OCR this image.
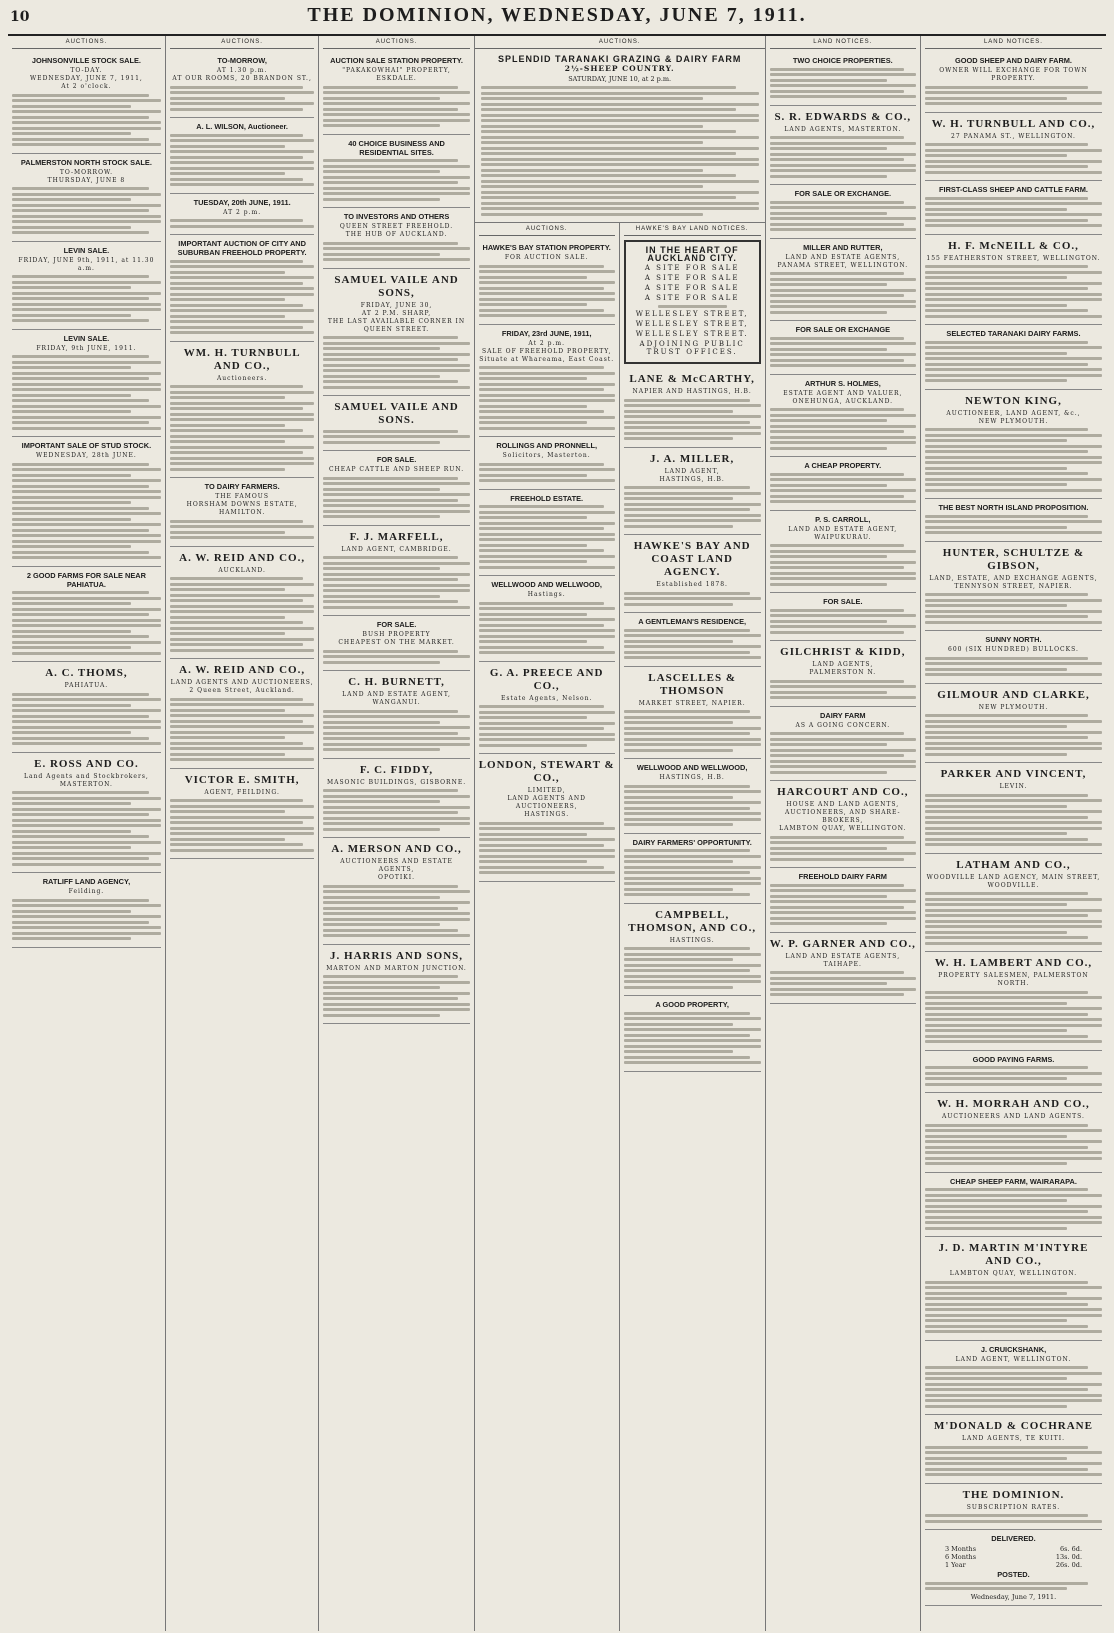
10	THE DOMINION, WEDNESDAY, JUNE 7, 1911.
AUCTIONS.
JOHNSONVILLE STOCK SALE.
TO-DAY.
WEDNESDAY, JUNE 7, 1911,
At 2 o'clock.
PALMERSTON NORTH STOCK SALE.
TO-MORROW.
THURSDAY, JUNE 8
LEVIN SALE.
FRIDAY, JUNE 9th, 1911, at 11.30 a.m.
LEVIN SALE.
FRIDAY, 9th JUNE, 1911.
IMPORTANT SALE OF STUD STOCK.
WEDNESDAY, 28th JUNE.
2 GOOD FARMS FOR SALE NEAR PAHIATUA.
A. C. THOMS,
PAHIATUA.
E. ROSS AND CO.
Land Agents and Stockbrokers,
MASTERTON.
RATLIFF LAND AGENCY,
Feilding.
AUCTIONS.
TO-MORROW,
AT 1.30 p.m.
AT OUR ROOMS, 20 BRANDON ST.,
A. L. WILSON, Auctioneer.
TUESDAY, 20th JUNE, 1911.
AT 2 p.m.
IMPORTANT AUCTION OF CITY AND SUBURBAN FREEHOLD PROPERTY.
WM. H. TURNBULL AND CO.,
Auctioneers.
TO DAIRY FARMERS.
THE FAMOUS
HORSHAM DOWNS ESTATE,
HAMILTON.
A. W. REID AND CO.,
AUCKLAND.
A. W. REID AND CO.,
LAND AGENTS AND AUCTIONEERS,
2 Queen Street, Auckland.
VICTOR E. SMITH,
AGENT, FEILDING.
AUCTIONS.
AUCTION SALE STATION PROPERTY.
"PAKAKOWHAI" PROPERTY, ESKDALE.
40 CHOICE BUSINESS AND RESIDENTIAL SITES.
TO INVESTORS AND OTHERS
QUEEN STREET FREEHOLD.
THE HUB OF AUCKLAND.
SAMUEL VAILE AND SONS,
FRIDAY, JUNE 30,
AT 2 P.M. SHARP,
THE LAST AVAILABLE CORNER IN QUEEN STREET.
SAMUEL VAILE AND SONS.
FOR SALE.
CHEAP CATTLE AND SHEEP RUN.
F. J. MARFELL,
LAND AGENT, CAMBRIDGE.
FOR SALE.
BUSH PROPERTY
CHEAPEST ON THE MARKET.
C. H. BURNETT,
LAND AND ESTATE AGENT,
WANGANUI.
F. C. FIDDY,
MASONIC BUILDINGS, GISBORNE.
A. MERSON AND CO.,
AUCTIONEERS AND ESTATE AGENTS,
OPOTIKI.
J. HARRIS AND SONS,
MARTON AND MARTON JUNCTION.
AUCTIONS.
SPLENDID TARANAKI GRAZING & DAIRY FARM
2½-SHEEP COUNTRY.
SATURDAY, JUNE 10, at 2 p.m.
AUCTIONS.
HAWKE'S BAY STATION PROPERTY.
FOR AUCTION SALE.
FRIDAY, 23rd JUNE, 1911,
At 2 p.m.
SALE OF FREEHOLD PROPERTY,
Situate at Whareama, East Coast.
ROLLINGS AND PRONNELL,
Solicitors, Masterton.
FREEHOLD ESTATE.
WELLWOOD AND WELLWOOD,
Hastings.
G. A. PREECE AND CO.,
Estate Agents, Nelson.
LONDON, STEWART & CO.,
LIMITED,
LAND AGENTS AND AUCTIONEERS,
HASTINGS.
HAWKE'S BAY LAND NOTICES.
IN THE HEART OF AUCKLAND CITY.
A SITE FOR SALE
A SITE FOR SALE
A SITE FOR SALE
A SITE FOR SALE
WELLESLEY STREET,
WELLESLEY STREET,
WELLESLEY STREET.
ADJOINING PUBLIC TRUST OFFICES.
LANE & McCARTHY,
NAPIER AND HASTINGS, H.B.
J. A. MILLER,
LAND AGENT,
HASTINGS, H.B.
HAWKE'S BAY AND COAST LAND AGENCY.
Established 1878.
A GENTLEMAN'S RESIDENCE,
LASCELLES & THOMSON
MARKET STREET, NAPIER.
WELLWOOD AND WELLWOOD,
HASTINGS, H.B.
DAIRY FARMERS' OPPORTUNITY.
CAMPBELL, THOMSON, AND CO.,
HASTINGS.
A GOOD PROPERTY,
LAND NOTICES.
TWO CHOICE PROPERTIES.
S. R. EDWARDS & CO.,
LAND AGENTS, MASTERTON.
FOR SALE OR EXCHANGE.
MILLER AND RUTTER,
LAND AND ESTATE AGENTS,
PANAMA STREET, WELLINGTON.
FOR SALE OR EXCHANGE
ARTHUR S. HOLMES,
ESTATE AGENT AND VALUER,
ONEHUNGA, AUCKLAND.
A CHEAP PROPERTY.
P. S. CARROLL,
LAND AND ESTATE AGENT,
WAIPUKURAU.
FOR SALE.
GILCHRIST & KIDD,
LAND AGENTS,
PALMERSTON N.
DAIRY FARM
AS A GOING CONCERN.
HARCOURT AND CO.,
HOUSE AND LAND AGENTS, AUCTIONEERS, AND SHARE-BROKERS,
LAMBTON QUAY, WELLINGTON.
FREEHOLD DAIRY FARM
W. P. GARNER AND CO.,
LAND AND ESTATE AGENTS,
TAIHAPE.
LAND NOTICES.
GOOD SHEEP AND DAIRY FARM.
OWNER WILL EXCHANGE FOR TOWN PROPERTY.
W. H. TURNBULL AND CO.,
27 PANAMA ST., WELLINGTON.
FIRST-CLASS SHEEP AND CATTLE FARM.
H. F. McNEILL & CO.,
155 FEATHERSTON STREET, WELLINGTON.
SELECTED TARANAKI DAIRY FARMS.
NEWTON KING,
AUCTIONEER, LAND AGENT, &c.,
NEW PLYMOUTH.
THE BEST NORTH ISLAND PROPOSITION.
HUNTER, SCHULTZE & GIBSON,
LAND, ESTATE, AND EXCHANGE AGENTS, TENNYSON STREET, NAPIER.
SUNNY NORTH.
600 (SIX HUNDRED) BULLOCKS.
GILMOUR AND CLARKE,
NEW PLYMOUTH.
PARKER AND VINCENT,
LEVIN.
LATHAM AND CO.,
WOODVILLE LAND AGENCY, MAIN STREET, WOODVILLE.
W. H. LAMBERT AND CO.,
PROPERTY SALESMEN, PALMERSTON NORTH.
GOOD PAYING FARMS.
W. H. MORRAH AND CO.,
AUCTIONEERS AND LAND AGENTS.
CHEAP SHEEP FARM, WAIRARAPA.
J. D. MARTIN M'INTYRE AND CO.,
LAMBTON QUAY, WELLINGTON.
J. CRUICKSHANK,
LAND AGENT, WELLINGTON.
M'DONALD & COCHRANE
LAND AGENTS, TE KUITI.
THE DOMINION.
SUBSCRIPTION RATES.
DELIVERED.
3 Months	6s. 6d.
6 Months	13s. 0d.
1 Year	26s. 0d.
POSTED.
Wednesday, June 7, 1911.
